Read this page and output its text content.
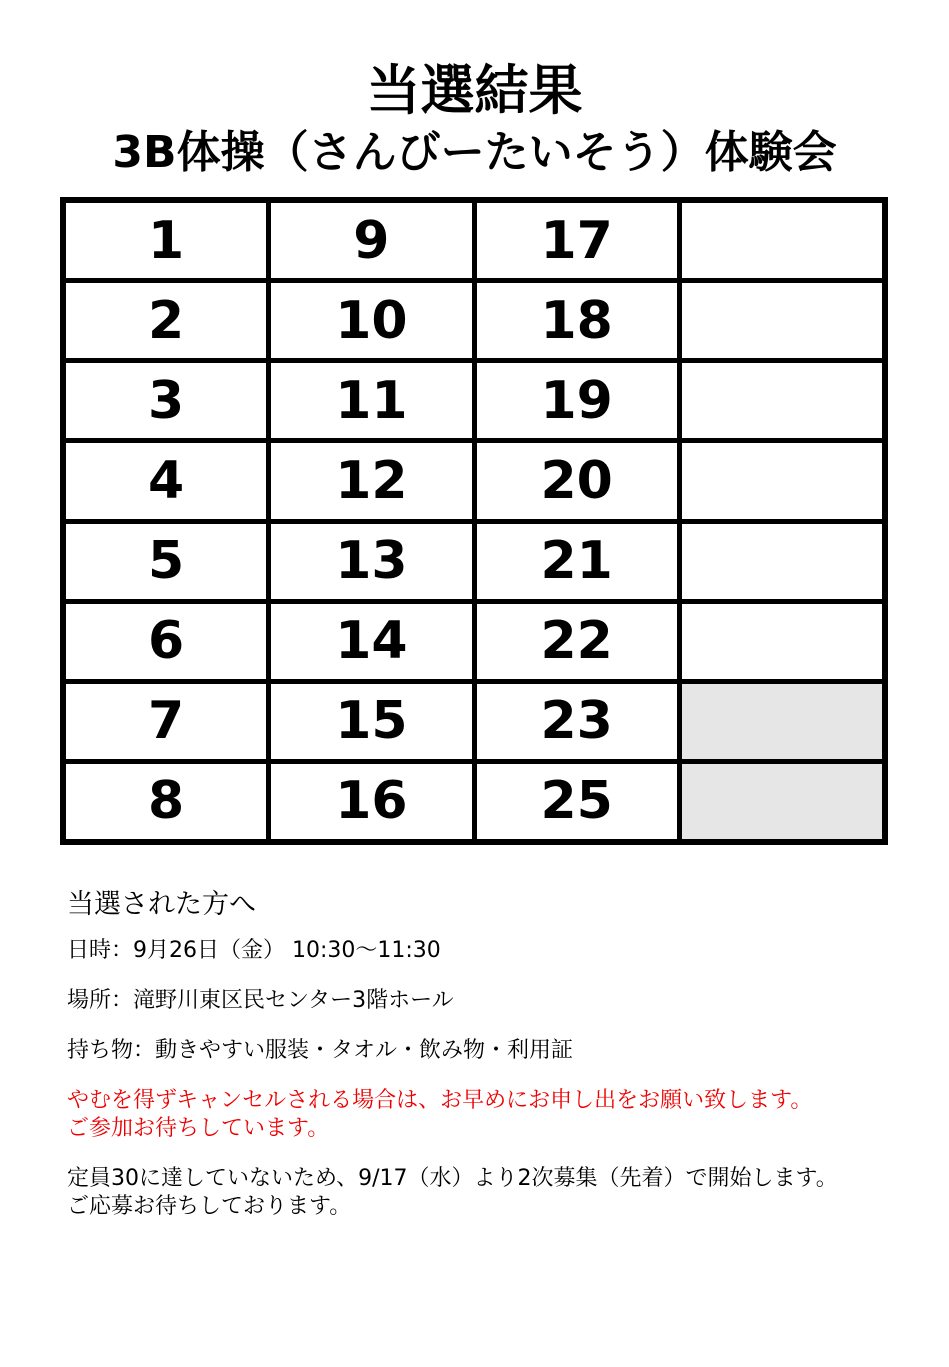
当選結果
3B体操（さんびーたいそう）体験会
1	9	17
2	10	18
3	11	19
4	12	20
5	13	21
6	14	22
7	15	23
8	16	25
当選された方へ
日時：9月26日（金） 10:30～11:30
場所：滝野川東区民センター3階ホール
持ち物：動きやすい服装・タオル・飲み物・利用証
やむを得ずキャンセルされる場合は、お早めにお申し出をお願い致します。
ご参加お待ちしています。
定員30に達していないため、9/17（水）より2次募集（先着）で開始します。
ご応募お待ちしております。
